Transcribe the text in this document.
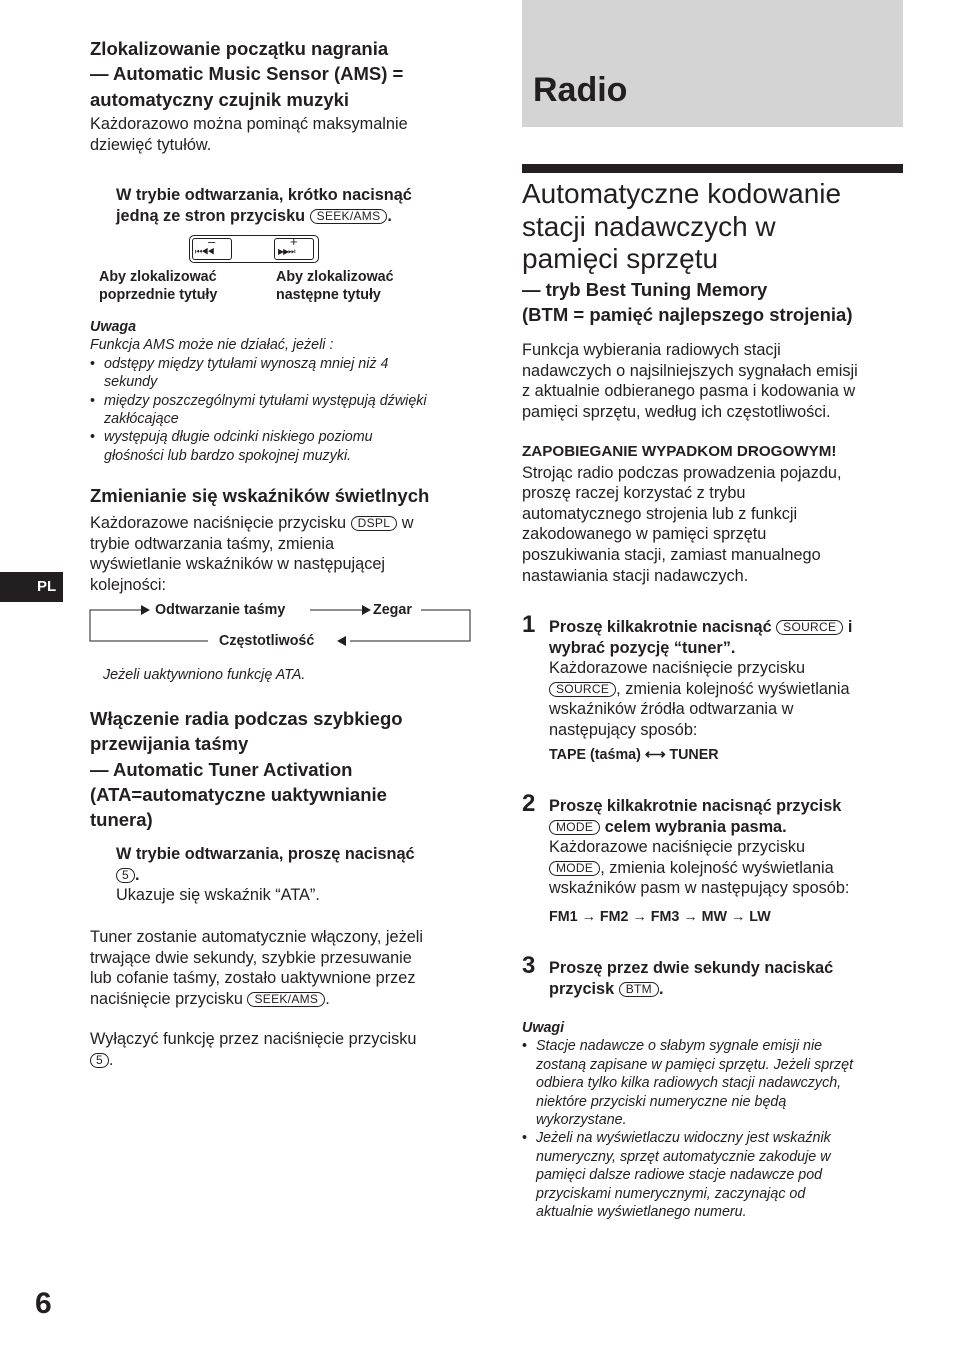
Zlokalizowanie początku nagrania
— Automatic Music Sensor (AMS) =
automatyczny czujnik muzyki
Każdorazowo można pominąć maksymalnie
dziewięć tytułów.
W trybie odtwarzania, krótko nacisnąć
jedną ze stron przycisku SEEK/AMS .
–
⏮◀◀
+
▶▶⏭
Aby zlokalizować
poprzednie tytuły
Aby zlokalizować
następne tytuły
Uwaga
Funkcja AMS może nie działać, jeżeli :
• odstępy między tytułami wynoszą mniej niż 4
sekundy
• między poszczególnymi tytułami występują dźwięki
zakłócające
• występują długie odcinki niskiego poziomu
głośności lub bardzo spokojnej muzyki.
Zmienianie się wskaźników świetlnych
Każdorazowe naciśnięcie przycisku DSPL w
trybie odtwarzania taśmy, zmienia
wyświetlanie wskaźników w następującej
kolejności:
Odtwarzanie taśmy	Zegar
Częstotliwość
Jeżeli uaktywniono funkcję ATA.
Włączenie radia podczas szybkiego
przewijania taśmy
— Automatic Tuner Activation
(ATA=automatyczne uaktywnianie
tunera)
W trybie odtwarzania, proszę nacisnąć
5 .
Ukazuje się wskaźnik “ATA”.
Tuner zostanie automatycznie włączony, jeżeli
trwające dwie sekundy, szybkie przesuwanie
lub cofanie taśmy, zostało uaktywnione przez
naciśnięcie przycisku SEEK/AMS .
Wyłączyć funkcję przez naciśnięcie przycisku
5 .
PL
6
Radio
Automatyczne kodowanie
stacji nadawczych w
pamięci sprzętu
— tryb Best Tuning Memory
(BTM = pamięć najlepszego strojenia)
Funkcja wybierania radiowych stacji
nadawczych o najsilniejszych sygnałach emisji
z aktualnie odbieranego pasma i kodowania w
pamięci sprzętu, według ich częstotliwości.
ZAPOBIEGANIE WYPADKOM DROGOWYM!
Strojąc radio podczas prowadzenia pojazdu,
proszę raczej korzystać z trybu
automatycznego strojenia lub z funkcji
zakodowanego w pamięci sprzętu
poszukiwania stacji, zamiast manualnego
nastawiania stacji nadawczych.
1 Proszę kilkakrotnie nacisnąć SOURCE i
wybrać pozycję “tuner”.
Każdorazowe naciśnięcie przycisku
SOURCE , zmienia kolejność wyświetlania
wskaźników źródła odtwarzania w
następujący sposób:
TAPE (taśma) ⟷ TUNER
2 Proszę kilkakrotnie nacisnąć przycisk
MODE celem wybrania pasma.
Każdorazowe naciśnięcie przycisku
MODE , zmienia kolejność wyświetlania
wskaźników pasm w następujący sposób:
FM1 → FM2 → FM3 → MW → LW
3 Proszę przez dwie sekundy naciskać
przycisk BTM .
Uwagi
• Stacje nadawcze o słabym sygnale emisji nie
zostaną zapisane w pamięci sprzętu. Jeżeli sprzęt
odbiera tylko kilka radiowych stacji nadawczych,
niektóre przyciski numeryczne nie będą
wykorzystane.
• Jeżeli na wyświetlaczu widoczny jest wskaźnik
numeryczny, sprzęt automatycznie zakoduje w
pamięci dalsze radiowe stacje nadawcze pod
przyciskami numerycznymi, zaczynając od
aktualnie wyświetlanego numeru.
